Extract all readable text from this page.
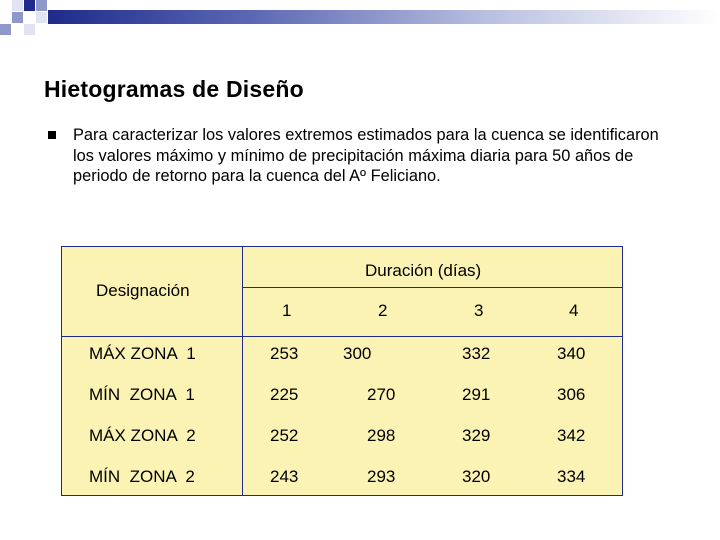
Hietogramas de Diseño
Para caracterizar los valores extremos estimados para la cuenca se identificaron los valores máximo y mínimo de precipitación máxima diaria para 50 años de periodo de retorno para la cuenca del Aº Feliciano.
Designación
Duración (días)
1	2	3	4
MÁX ZONA  1	253	300	332	340
MÍN  ZONA  1	225	270	291	306
MÁX ZONA  2	252	298	329	342
MÍN  ZONA  2	243	293	320	334
